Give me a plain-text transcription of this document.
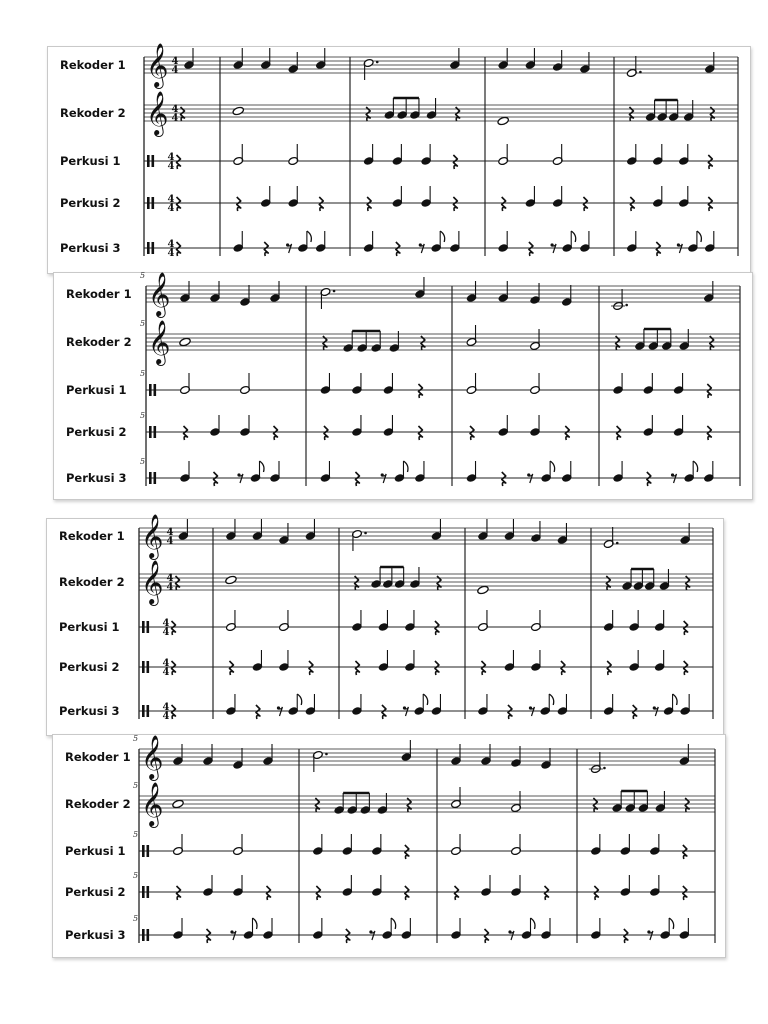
Rekoder 1 𝄞 4
4
Rekoder 2 𝄞 4
4
Perkusi 1	4
4
Perkusi 2	4
4
Perkusi 3	4
4
Rekoder 1
5 𝄞
Rekoder 2
5 𝄞
Perkusi 1
5
Perkusi 2
5
Perkusi 3
5
Rekoder 1 𝄞 4
4
Rekoder 2 𝄞 4
4
Perkusi 1	4
4
Perkusi 2	4
4
Perkusi 3	4
4
Rekoder 1
5 𝄞
Rekoder 2
5 𝄞
Perkusi 1
5
Perkusi 2
5
Perkusi 3
5
